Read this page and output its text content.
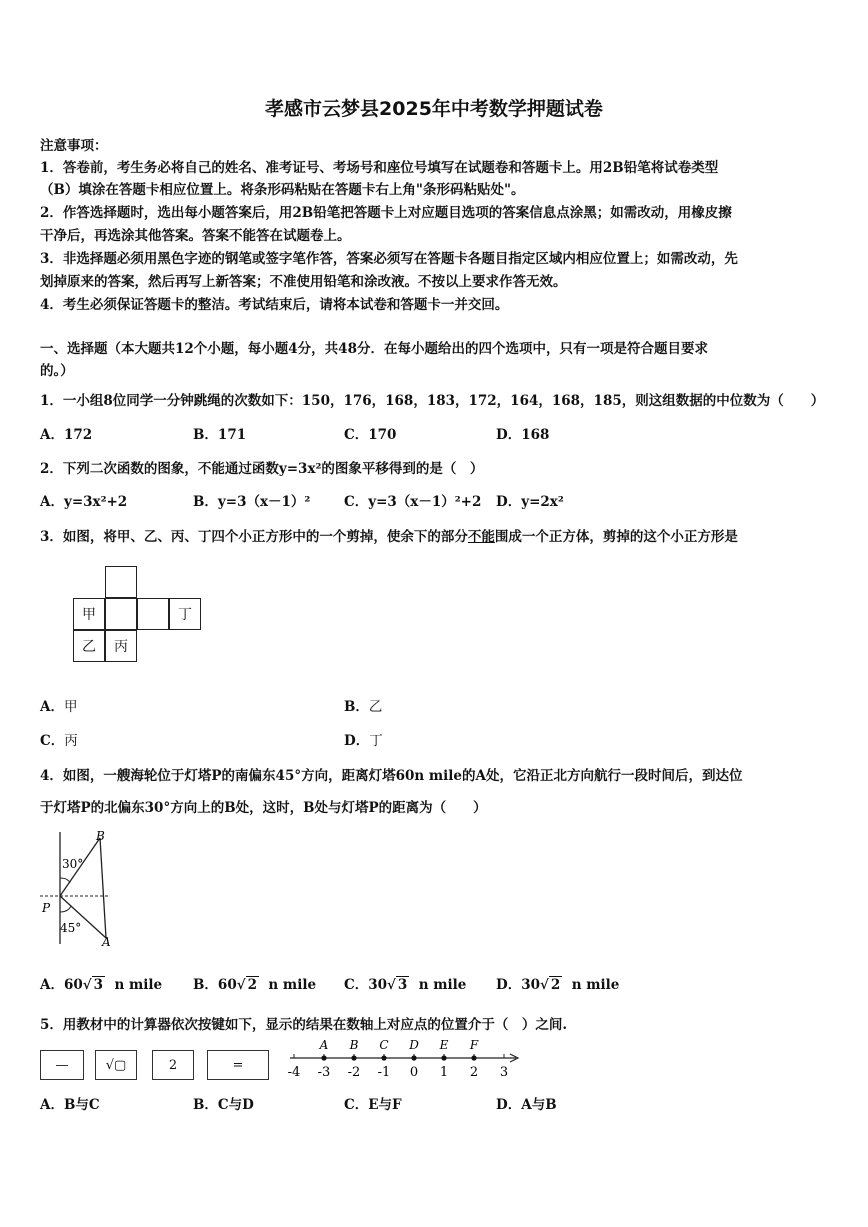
孝感市云梦县2025年中考数学押题试卷
注意事项：
1．答卷前，考生务必将自己的姓名、准考证号、考场号和座位号填写在试题卷和答题卡上。用2B铅笔将试卷类型
（B）填涂在答题卡相应位置上。将条形码粘贴在答题卡右上角"条形码粘贴处"。
2．作答选择题时，选出每小题答案后，用2B铅笔把答题卡上对应题目选项的答案信息点涂黑；如需改动，用橡皮擦
干净后，再选涂其他答案。答案不能答在试题卷上。
3．非选择题必须用黑色字迹的钢笔或签字笔作答，答案必须写在答题卡各题目指定区域内相应位置上；如需改动，先
划掉原来的答案，然后再写上新答案；不准使用铅笔和涂改液。不按以上要求作答无效。
4．考生必须保证答题卡的整洁。考试结束后，请将本试卷和答题卡一并交回。
一、选择题（本大题共12个小题，每小题4分，共48分．在每小题给出的四个选项中，只有一项是符合题目要求
的。）
1．一小组8位同学一分钟跳绳的次数如下：150，176，168，183，172，164，168，185，则这组数据的中位数为（　　）
A．172	B．171	C．170	D．168
2．下列二次函数的图象，不能通过函数y=3x²的图象平移得到的是（　）
A．y=3x²+2	B．y=3（x－1）² C．y=3（x－1）²+2 D．y=2x²
3．如图，将甲、乙、丙、丁四个小正方形中的一个剪掉，使余下的部分不能围成一个正方体，剪掉的这个小正方形是
甲	丁
乙	丙
A．甲	B．乙
C．丙	D．丁
4．如图，一艘海轮位于灯塔P的南偏东45°方向，距离灯塔60n mile的A处，它沿正北方向航行一段时间后，到达位
于灯塔P的北偏东30°方向上的B处，这时，B处与灯塔P的距离为（　　）
B
P
A
30°
45°
A．60√ 3 n mile B．60√ 2 n mile C．30√ 3 n mile D．30√ 2 n mile
5．用教材中的计算器依次按键如下，显示的结果在数轴上对应点的位置介于（　）之间.
—	√▢	2	=	-4 -3 -2 -1 0 1 2 3
A B C D E F
A．B与C	B．C与D	C．E与F	D．A与B
